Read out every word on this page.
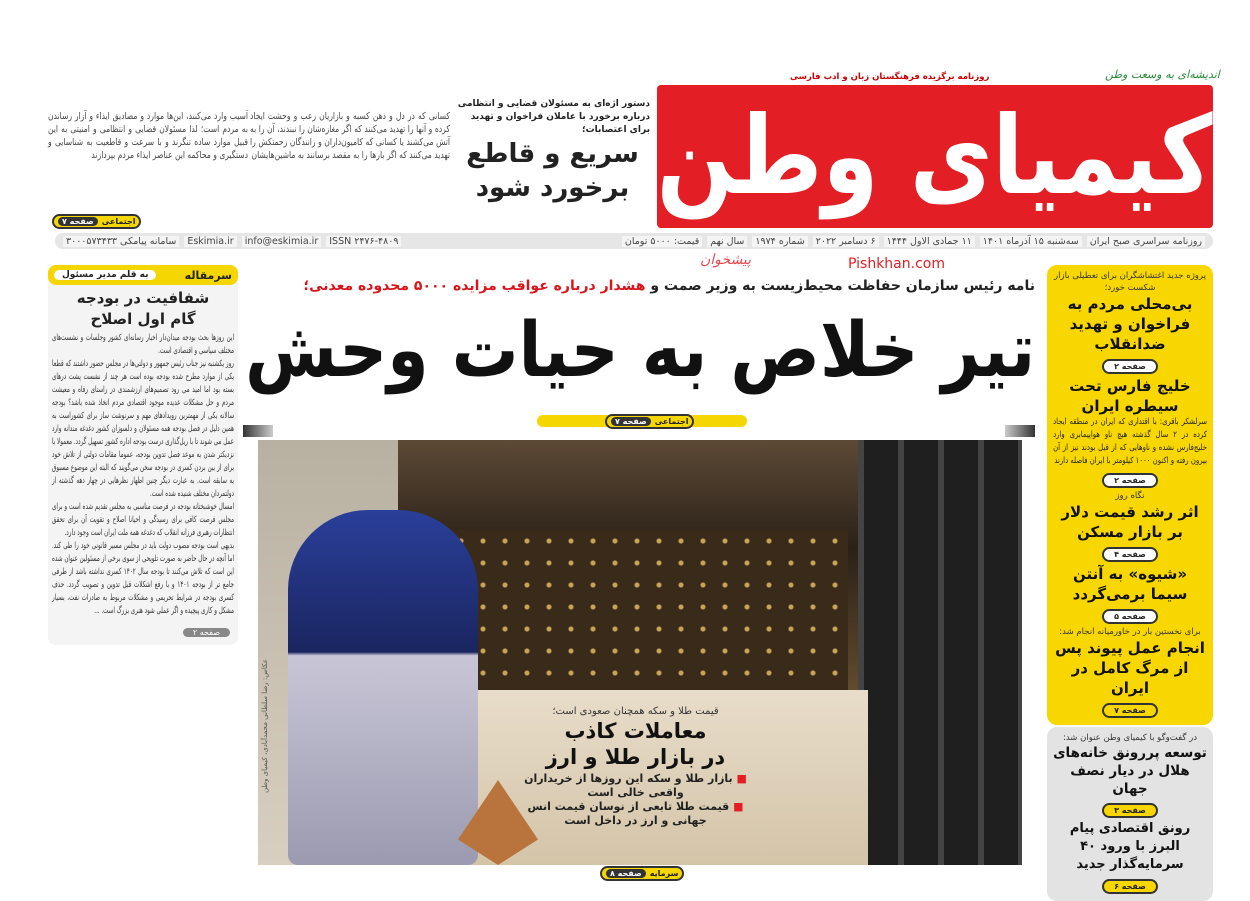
اندیشه‌ای به وسعت وطن
روزنامه برگزیده فرهنگستان زبان و ادب فارسی
کیمیای وطن
پیشخوان
دستور اژه‌ای به مسئولان قضایی و انتظامی درباره برخورد با عاملان فراخوان و تهدید برای اعتصابات؛
سریع و قاطع
برخورد شود
کسانی که در دل و ذهن کسبه و بازاریان رعب و وحشت ایجاد کرده و آنها را تهدید می‌کنند که اگر مغازه‌شان را نبندند، آن را به آتش می‌کشند یا کسانی که کامیون‌داران و رانندگان زحمتکش را تهدید می‌کنند که اگر بارها را به مقصد برسانند به ماشین‌هایشان
آسیب وارد می‌کنند، این‌ها موارد و مصادیق ایذاء و آزار رساندن به مردم است؛ لذا مسئولان قضایی و انتظامی و امنیتی به این قبیل موارد ساده تنگرند و با سرعت و قاطعیت به شناسایی و دستگیری و محاکمه این عناصر ایذاء مردم بپردازند
اجتماعی
صفحه ۷
روزنامه سراسری صبح ایران
سه‌شنبه ۱۵ آذرماه ۱۴۰۱
۱۱ جمادی الاول ۱۴۴۴
۶ دسامبر ۲۰۲۲
شماره ۱۹۷۴
سال نهم
قیمت: ۵۰۰۰ تومان
ISSN ۲۴۷۶-۴۸۰۹
info@eskimia.ir
Eskimia.ir
سامانه پیامکی ۳۰۰۰۵۷۳۴۳۳
سرمقاله
به قلم مدیر مسئول
شفافیت در بودجه
گام اول اصلاح

این روزها بحث بودجه میدان‌دار اخبار رسانه‌ای کشور وجلسات و نشست‌های مختلف سیاسی و اقتصادی است.

روز یکشنبه نیز جناب رئیس جمهور و دولتی‌ها در مجلس حضور داشتند که قطعا یکی از موارد مطرح شده بودجه بوده است هر چند از نشست پشت درهای بسته بود اما امید می رود تصمیم‌های ارزشمندی در راستای رفاه و معیشت مردم و حل مشکلات عدیده موجود اقتصادی مردم اتخاذ شده باشد؟ بودجه سالانه یکی از مهمترین رویدادهای مهم و سرنوشت ساز برای کشوراست به همین دلیل در فصل بودجه همه مسئولان و دلسوزان کشور دغدغه مندانه وارد عمل می شوند تا با ریل‌گذاری درست بودجه اداره کشور تسهیل گردد. معمولا با نزدیکتر شدن به موعد فصل تدوین بودجه، عموما مقامات دولتی از تلاش خود برای از بین بردن کسری در بودجه سخن می‌گویند که البته این موضوع مسبوق به سابقه است. به عبارت دیگر چنین اظهار نظرهایی در چهار دهه گذشته از دولتمردان مختلف شنیده شده است.

امسال خوشبختانه بودجه در فرصت مناسبی به مجلس تقدیم شده است و برای مجلس فرصت کافی برای رسیدگی و احیانا اصلاح و تقویت آن برای تحقق انتظارات رهبری فرزانه انقلاب که دغدغه همه ملت ایران است وجود دارد.

بدیهی است بودجه مصوب دولت باید در مجلس مسیر قانونی خود را طی کند. اما آنچه در حال حاضر به صورت تلویحی از سوی برخی از مسئولین عنوان شده این است که تلاش می‌کنند تا بودجه سال ۱۴۰۲ کسری نداشته باشد از طرفی جامع تر از بودجه ۱۴۰۱ و با رفع اشکلات قبل تدوین و تصویب گردد. حذف کسری بودجه در شرایط تحریمی و مشکلات مربوط به صادرات نفت، بسیار مشکل و کاری پیچیده و اگر عملی شود هنری بزرگ است. ...

صفحه ۲
Pishkhan.com
نامه رئیس سازمان حفاظت محیط‌زیست به وزیر صمت و هشدار درباره عواقب مزایده ۵۰۰۰ محدوده معدنی؛
تیر خلاص به حیات وحش
اجتماعی
صفحه ۷
عکاس: رضا سلطانی محمدآبادی، کیمیای وطن	قیمت طلا و سکه همچنان صعودی است؛
معاملات کاذب
در بازار طلا و ارز
■ بازار طلا و سکه این روزها از خریداران واقعی خالی است
■ قیمت طلا تابعی از نوسان قیمت انس جهانی و ارز در داخل است
سرمایه
صفحه ۸
پروژه جدید اغتشاشگران برای تعطیلی بازار شکست خورد؛
بی‌محلی مردم به فراخوان و تهدید ضدانقلاب
صفحه ۲
خلیج فارس تحت سیطره ایران
سرلشکر باقری: با اقتداری که ایران در منطقه ایجاد کرده در ۲ سال گذشته هیچ ناو هواپیمابری وارد خلیج‌فارس نشده و ناوهایی که از قبل بودند نیز از آن بیرون رفته و اکنون ۱۰۰۰ کیلومتر با ایران فاصله دارند
صفحه ۲
نگاه روز
اثر رشد قیمت دلار بر بازار مسکن
صفحه ۴
«شیوه» به آنتن سیما برمی‌گردد
صفحه ۵
برای نخستین بار در خاورمیانه انجام شد:
انجام عمل پیوند پس از مرگ کامل در ایران
صفحه ۷
در گفت‌وگو با کیمیای وطن عنوان شد:
توسعه پررونق خانه‌های هلال در دیار نصف جهان
صفحه ۳
رونق اقتصادی پیام البرز با ورود ۴۰ سرمایه‌گذار جدید
صفحه ۶
